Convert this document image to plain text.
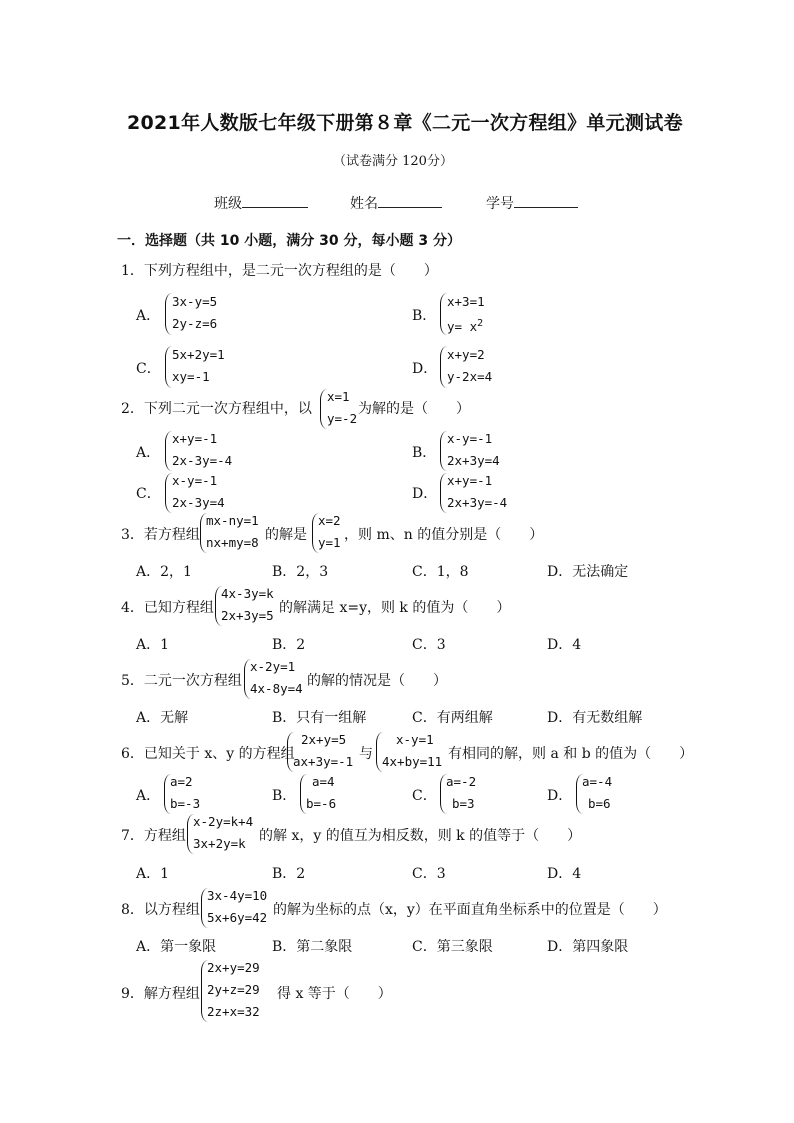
2021年人数版七年级下册第８章《二元一次方程组》单元测试卷
（试卷满分 120分）
班级	姓名	学号
一．选择题（共 10 小题，满分 30 分，每小题 3 分）
1．下列方程组中，是二元一次方程组的是（　　）
A．
3x-y=5
2y-z=6	B．
x+3=1
$y= x^2$
C．
5x+2y=1
xy=-1	D．
x+y=2
y-2x=4
2．下列二元一次方程组中，以
x=1
y=-2
为解的是（　　）
A．
x+y=-1
2x-3y=-4	B．
x-y=-1
2x+3y=4
C．
x-y=-1
2x-3y=4
D．
x+y=-1
2x+3y=-4
3．若方程组
mx-ny=1
nx+my=8 的解是
x=2
y=1 ，则 m、n 的值分别是（　　）
A．2，1	B．2，3	C．1，8	D．无法确定
4．已知方程组
4x-3y=k
2x+3y=5 的解满足 x=y，则 k 的值为（　　）
A．1	B．2	C．3	D．4
5．二元一次方程组
x-2y=1
4x-8y=4 的解的情况是（　　）
A．无解	B．只有一组解	C．有两组解	D．有无数组解
6．已知关于 x、y 的方程组
2x+y=5
ax+3y=-1 与
x-y=1
4x+by=11 有相同的解，则 a 和 b 的值为（　　）
A．
a=2
b=-3	B．
a=4
b=-6	C．
a=-2
b=3	D．
a=-4
b=6
7．方程组
x-2y=k+4
3x+2y=k 的解 x，y 的值互为相反数，则 k 的值等于（　　）
A．1	B．2	C．3	D．4
8．以方程组
3x-4y=10
5x+6y=42 的解为坐标的点（x，y）在平面直角坐标系中的位置是（　　）
A．第一象限	B．第二象限	C．第三象限	D．第四象限
9．解方程组
2x+y=29
2y+z=29
2z+x=32
得 x 等于（　　）
